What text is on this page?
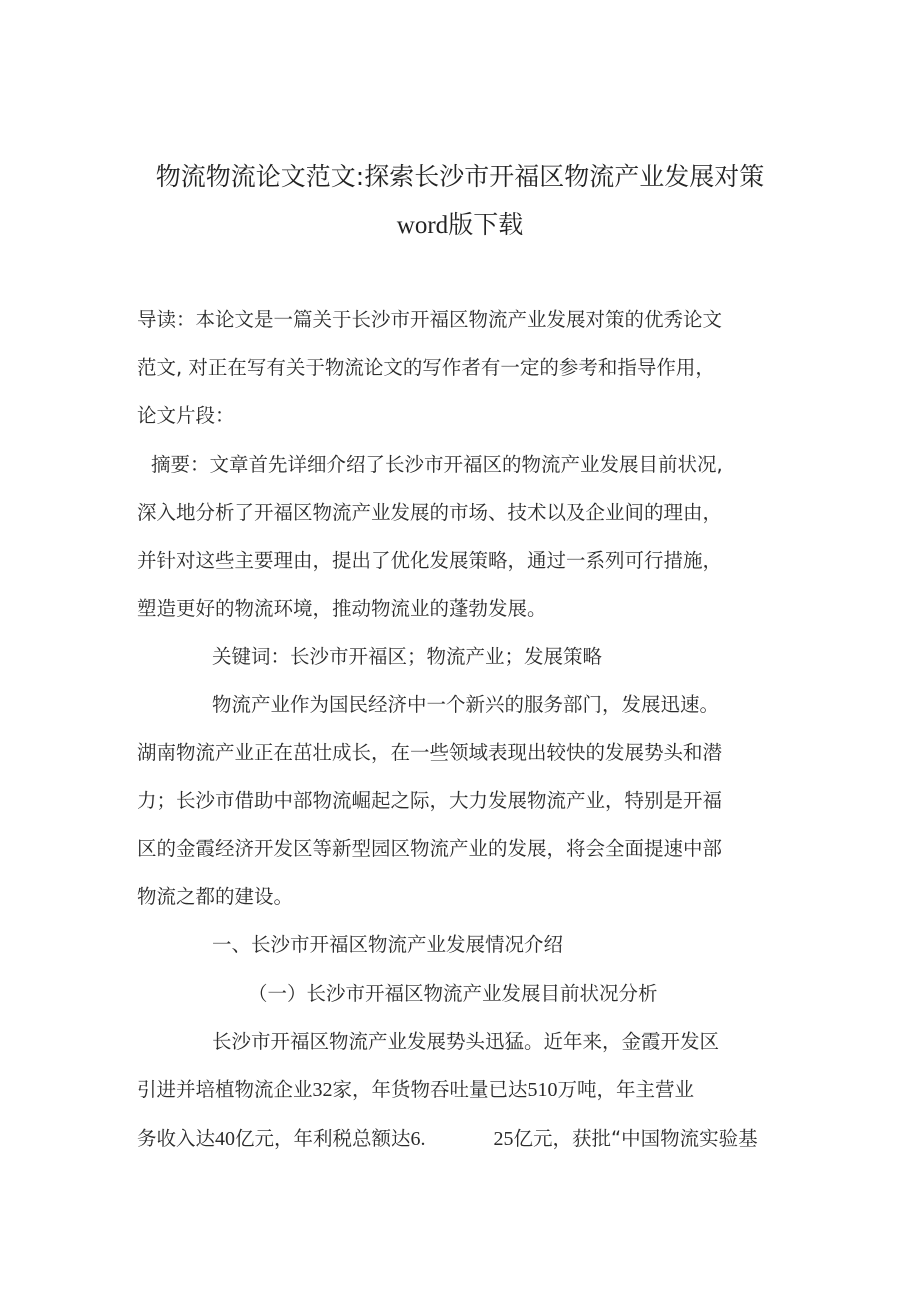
物流物流论文范文:探索长沙市开福区物流产业发展对策
word版下载
导读：本论文是一篇关于长沙市开福区物流产业发展对策的优秀论文
范文, 对正在写有关于物流论文的写作者有一定的参考和指导作用，
论文片段：
摘要：文章首先详细介绍了长沙市开福区的物流产业发展目前状况,
深入地分析了开福区物流产业发展的市场、技术以及企业间的理由，
并针对这些主要理由，提出了优化发展策略，通过一系列可行措施，
塑造更好的物流环境，推动物流业的蓬勃发展。
关键词：长沙市开福区；物流产业；发展策略
物流产业作为国民经济中一个新兴的服务部门，发展迅速。
湖南物流产业正在茁壮成长，在一些领域表现出较快的发展势头和潜
力；长沙市借助中部物流崛起之际，大力发展物流产业，特别是开福
区的金霞经济开发区等新型园区物流产业的发展，将会全面提速中部
物流之都的建设。
一、长沙市开福区物流产业发展情况介绍
（一）长沙市开福区物流产业发展目前状况分析
长沙市开福区物流产业发展势头迅猛。近年来，金霞开发区
引进并培植物流企业32家，年货物吞吐量已达510万吨，年主营业
务收入达40亿元，年利税总额达6.	25亿元，获批“中国物流实验基
